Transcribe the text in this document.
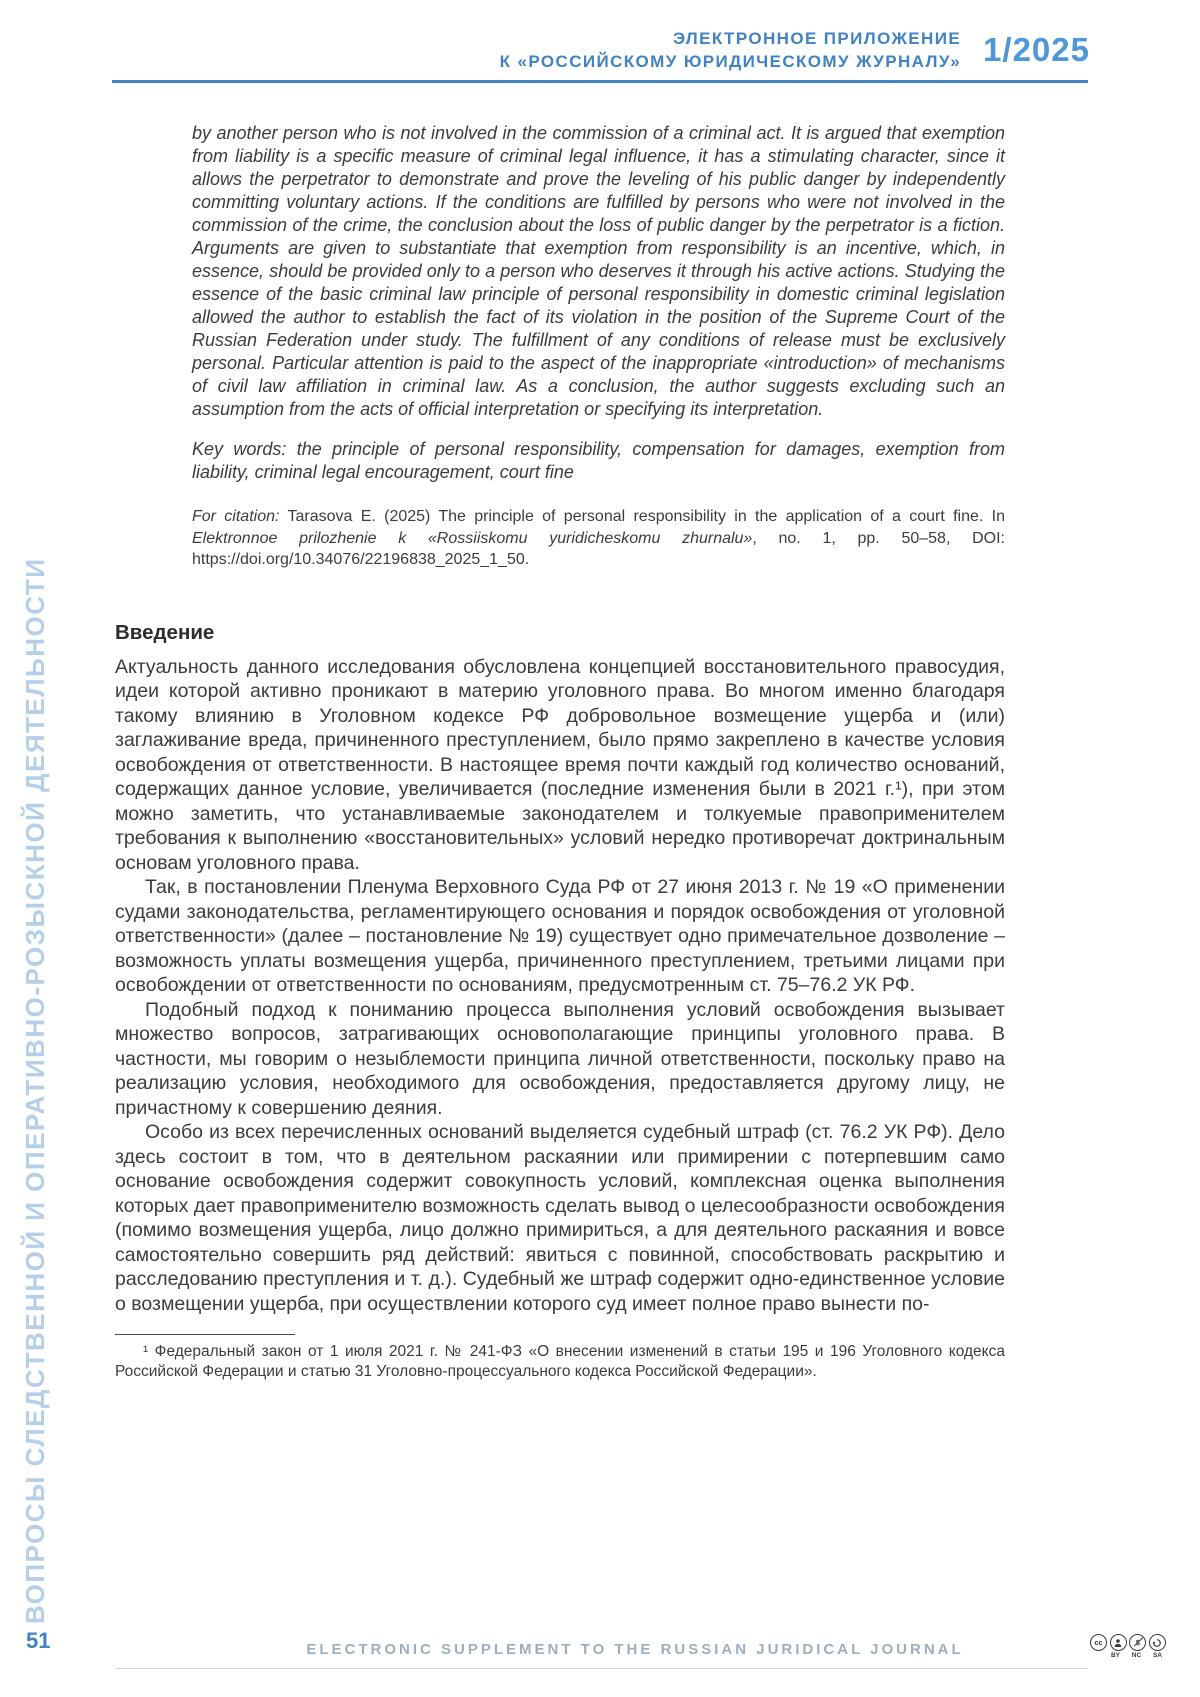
ЭЛЕКТРОННОЕ ПРИЛОЖЕНИЕ
К «РОССИЙСКОМУ ЮРИДИЧЕСКОМУ ЖУРНАЛУ» 1/2025
ВОПРОСЫ СЛЕДСТВЕННОЙ И ОПЕРАТИВНО-РОЗЫСКНОЙ ДЕЯТЕЛЬНОСТИ

by another person who is not involved in the commission of a criminal act. It is argued that exemption from liability is a specific measure of criminal legal influence, it has a stimulating character, since it allows the perpetrator to demonstrate and prove the leveling of his public danger by independently committing voluntary actions. If the conditions are fulfilled by persons who were not involved in the commission of the crime, the conclusion about the loss of public danger by the perpetrator is a fiction. Arguments are given to substantiate that exemption from responsibility is an incentive, which, in essence, should be provided only to a person who deserves it through his active actions. Studying the essence of the basic criminal law principle of personal responsibility in domestic criminal legislation allowed the author to establish the fact of its violation in the position of the Supreme Court of the Russian Federation under study. The fulfillment of any conditions of release must be exclusively personal. Particular attention is paid to the aspect of the inappropriate «introduction» of mechanisms of civil law affiliation in criminal law. As a conclusion, the author suggests excluding such an assumption from the acts of official interpretation or specifying its interpretation.

Key words: the principle of personal responsibility, compensation for damages, exemption from liability, criminal legal encouragement, court fine

For citation: Tarasova E. (2025) The principle of personal responsibility in the application of a court fine. In Elektronnoe prilozhenie k «Rossiiskomu yuridicheskomu zhurnalu», no. 1, pp. 50–58, DOI: https://doi.org/10.34076/22196838_2025_1_50.

Введение

Актуальность данного исследования обусловлена концепцией восстановительного правосудия, идеи которой активно проникают в материю уголовного права. Во многом именно благодаря такому влиянию в Уголовном кодексе РФ добровольное возмещение ущерба и (или) заглаживание вреда, причиненного преступлением, было прямо закреплено в качестве условия освобождения от ответственности. В настоящее время почти каждый год количество оснований, содержащих данное условие, увеличивается (последние изменения были в 2021 г.¹), при этом можно заметить, что устанавливаемые законодателем и толкуемые правоприменителем требования к выполнению «восстановительных» условий нередко противоречат доктринальным основам уголовного права.

Так, в постановлении Пленума Верховного Суда РФ от 27 июня 2013 г. № 19 «О применении судами законодательства, регламентирующего основания и порядок освобождения от уголовной ответственности» (далее – постановление № 19) существует одно примечательное дозволение – возможность уплаты возмещения ущерба, причиненного преступлением, третьими лицами при освобождении от ответственности по основаниям, предусмотренным ст. 75–76.2 УК РФ.

Подобный подход к пониманию процесса выполнения условий освобождения вызывает множество вопросов, затрагивающих основополагающие принципы уголовного права. В частности, мы говорим о незыблемости принципа личной ответственности, поскольку право на реализацию условия, необходимого для освобождения, предоставляется другому лицу, не причастному к совершению деяния.

Особо из всех перечисленных оснований выделяется судебный штраф (ст. 76.2 УК РФ). Дело здесь состоит в том, что в деятельном раскаянии или примирении с потерпевшим само основание освобождения содержит совокупность условий, комплексная оценка выполнения которых дает правоприменителю возможность сделать вывод о целесообразности освобождения (помимо возмещения ущерба, лицо должно примириться, а для деятельного раскаяния и вовсе самостоятельно совершить ряд действий: явиться с повинной, способствовать раскрытию и расследованию преступления и т. д.). Судебный же штраф содержит одно-единственное условие о возмещении ущерба, при осуществлении которого суд имеет полное право вынести по-

¹ Федеральный закон от 1 июля 2021 г. № 241-ФЗ «О внесении изменений в статьи 195 и 196 Уголовного кодекса Российской Федерации и статью 31 Уголовно-процессуального кодекса Российской Федерации».

51	ELECTRONIC SUPPLEMENT TO THE RUSSIAN JURIDICAL JOURNAL	cc
BY	NC	SA
